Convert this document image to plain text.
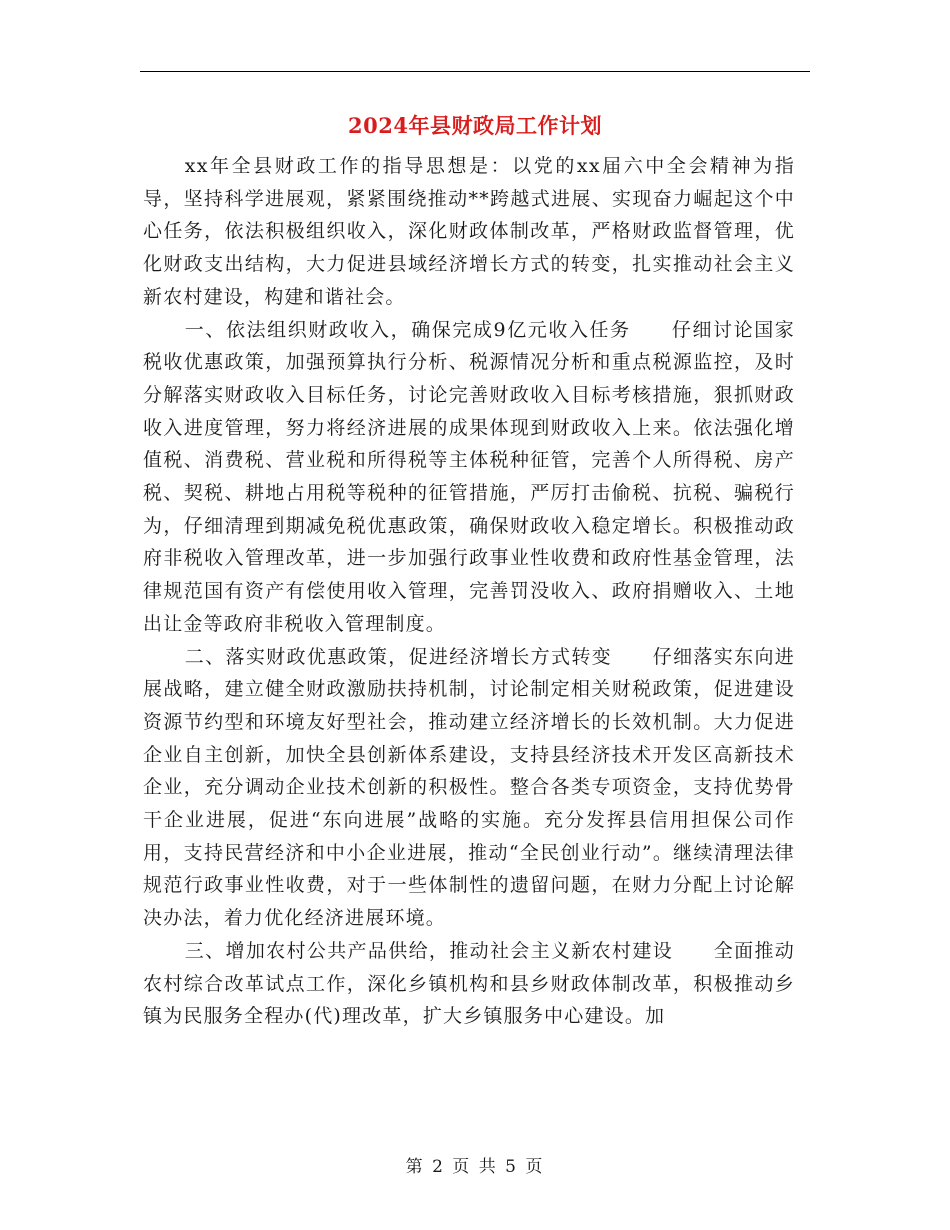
2024年县财政局工作计划

xx年全县财政工作的指导思想是：以党的xx届六中全会精神为指导，坚持科学进展观，紧紧围绕推动**跨越式进展、实现奋力崛起这个中心任务，依法积极组织收入，深化财政体制改革，严格财政监督管理，优化财政支出结构，大力促进县域经济增长方式的转变，扎实推动社会主义新农村建设，构建和谐社会。

一、依法组织财政收入，确保完成9亿元收入任务　　仔细讨论国家税收优惠政策，加强预算执行分析、税源情况分析和重点税源监控，及时分解落实财政收入目标任务，讨论完善财政收入目标考核措施，狠抓财政收入进度管理，努力将经济进展的成果体现到财政收入上来。依法强化增值税、消费税、营业税和所得税等主体税种征管，完善个人所得税、房产税、契税、耕地占用税等税种的征管措施，严厉打击偷税、抗税、骗税行为，仔细清理到期减免税优惠政策，确保财政收入稳定增长。积极推动政府非税收入管理改革，进一步加强行政事业性收费和政府性基金管理，法律规范国有资产有偿使用收入管理，完善罚没收入、政府捐赠收入、土地出让金等政府非税收入管理制度。

二、落实财政优惠政策，促进经济增长方式转变　　仔细落实东向进展战略，建立健全财政激励扶持机制，讨论制定相关财税政策，促进建设资源节约型和环境友好型社会，推动建立经济增长的长效机制。大力促进企业自主创新，加快全县创新体系建设，支持县经济技术开发区高新技术企业，充分调动企业技术创新的积极性。整合各类专项资金，支持优势骨干企业进展，促进“东向进展”战略的实施。充分发挥县信用担保公司作用，支持民营经济和中小企业进展，推动“全民创业行动”。继续清理法律规范行政事业性收费，对于一些体制性的遗留问题，在财力分配上讨论解决办法，着力优化经济进展环境。

三、增加农村公共产品供给，推动社会主义新农村建设　　全面推动农村综合改革试点工作，深化乡镇机构和县乡财政体制改革，积极推动乡镇为民服务全程办(代)理改革，扩大乡镇服务中心建设。加

第 2 页 共 5 页
